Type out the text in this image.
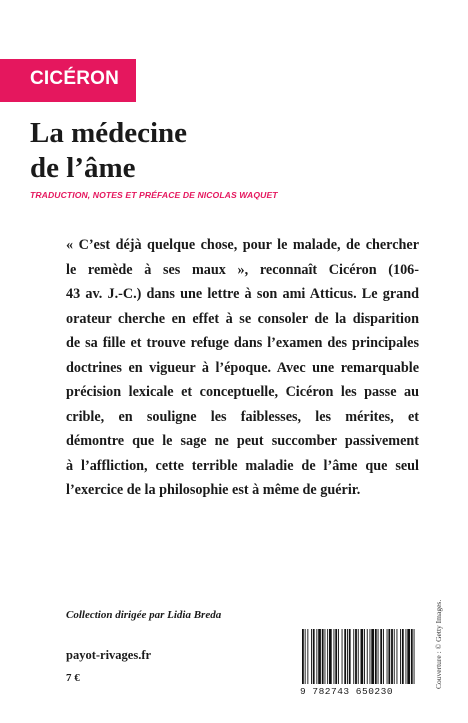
CICÉRON
La médecine
de l’âme
TRADUCTION, NOTES ET PRÉFACE DE NICOLAS WAQUET
« C’est déjà quelque chose, pour le malade, de chercher
le remède à ses maux », reconnaît Cicéron (106-
43 av. J.-C.) dans une lettre à son ami Atticus. Le grand
orateur cherche en effet à se consoler de la disparition
de sa fille et trouve refuge dans l’examen des principales
doctrines en vigueur à l’époque. Avec une remarquable
précision lexicale et conceptuelle, Cicéron les passe au
crible, en souligne les faiblesses, les mérites, et
démontre que le sage ne peut succomber passivement
à l’affliction, cette terrible maladie de l’âme que seul
l’exercice de la philosophie est à même de guérir.
Collection dirigée par Lidia Breda
payot-rivages.fr
7 €
9 782743 650230
Couverture : © Getty Images.
